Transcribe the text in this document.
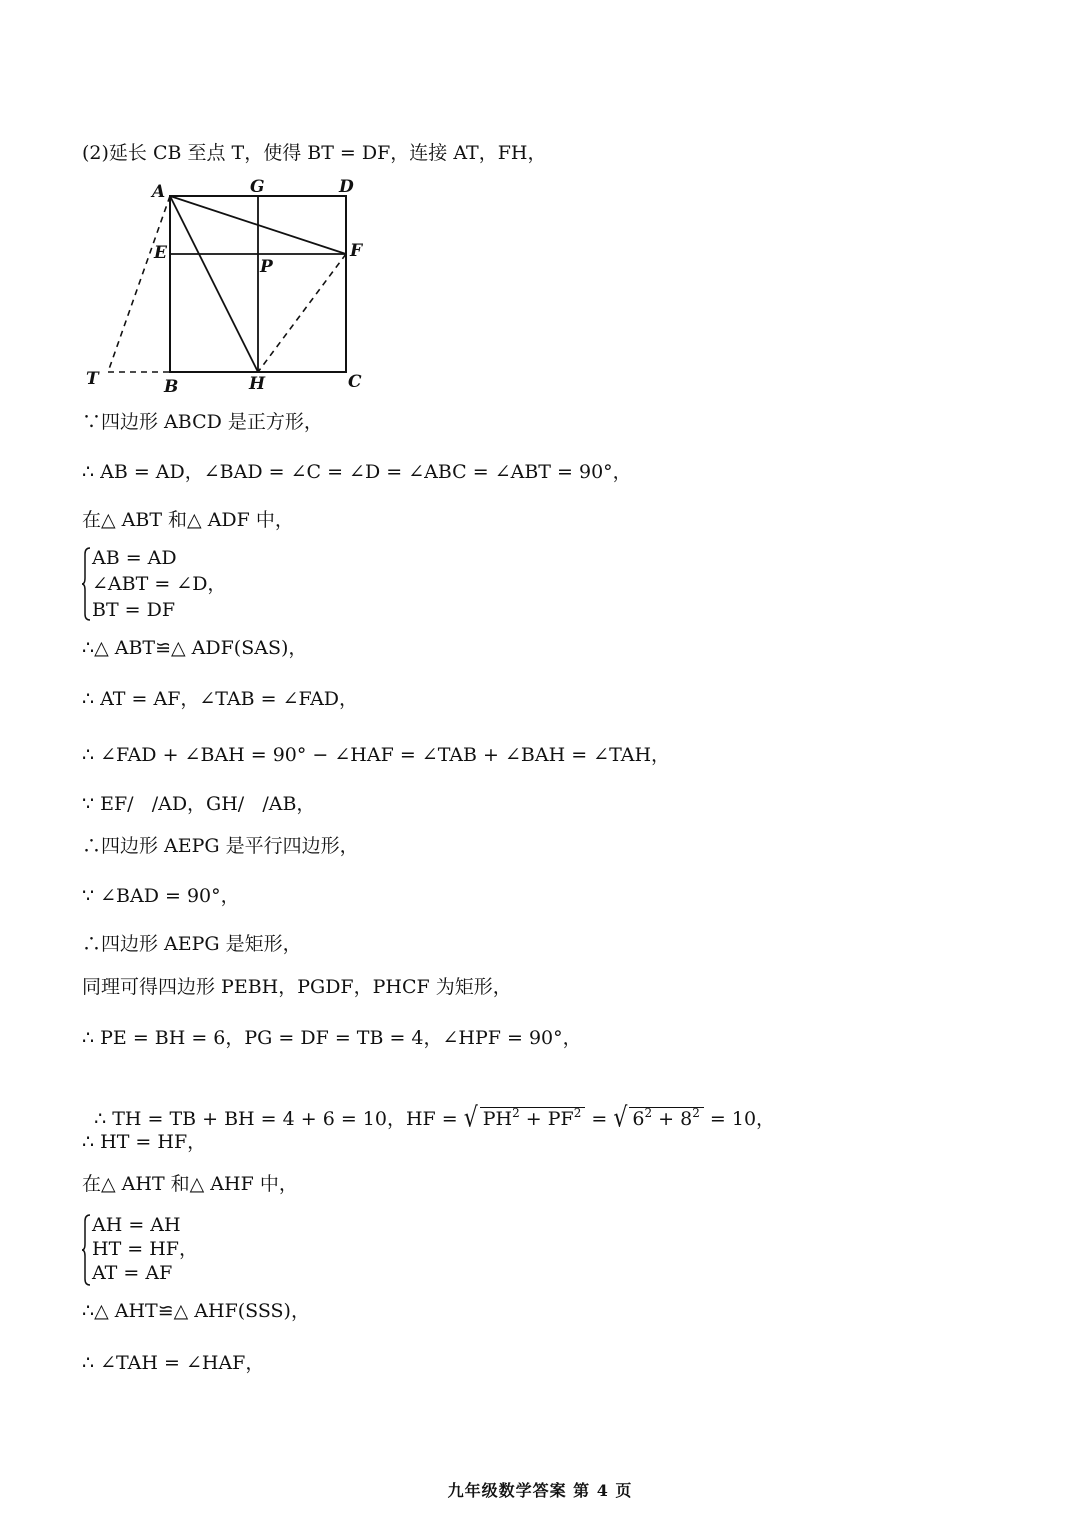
(2)延长 CB 至点 T，使得 BT = DF，连接 AT，FH，
A	G	D
E	F
P
T	B	H	C
∵四边形 ABCD 是正方形，
∴ AB = AD，∠BAD = ∠C = ∠D = ∠ABC = ∠ABT = 90°，
在△ ABT 和△ ADF 中，
AB = AD
∠ABT = ∠D，
BT = DF
∴△ ABT≌△ ADF(SAS)，
∴ AT = AF，∠TAB = ∠FAD，
∴ ∠FAD + ∠BAH = 90° − ∠HAF = ∠TAB + ∠BAH = ∠TAH，
∵ EF/   /AD，GH/   /AB，
∴四边形 AEPG 是平行四边形，
∵ ∠BAD = 90°，
∴四边形 AEPG 是矩形，
同理可得四边形 PEBH，PGDF，PHCF 为矩形，
∴ PE = BH = 6，PG = DF = TB = 4，∠HPF = 90°，

∴ TH = TB + BH = 4 + 6 = 10，HF = √ $PH^2 + PF^2$ = √ $6^2 + 8^2 = 10$，

∴ HT = HF，
在△ AHT 和△ AHF 中，
AH = AH
HT = HF，
AT = AF
∴△ AHT≌△ AHF(SSS)，
∴ ∠TAH = ∠HAF，
九年级数学答案 第 4 页
